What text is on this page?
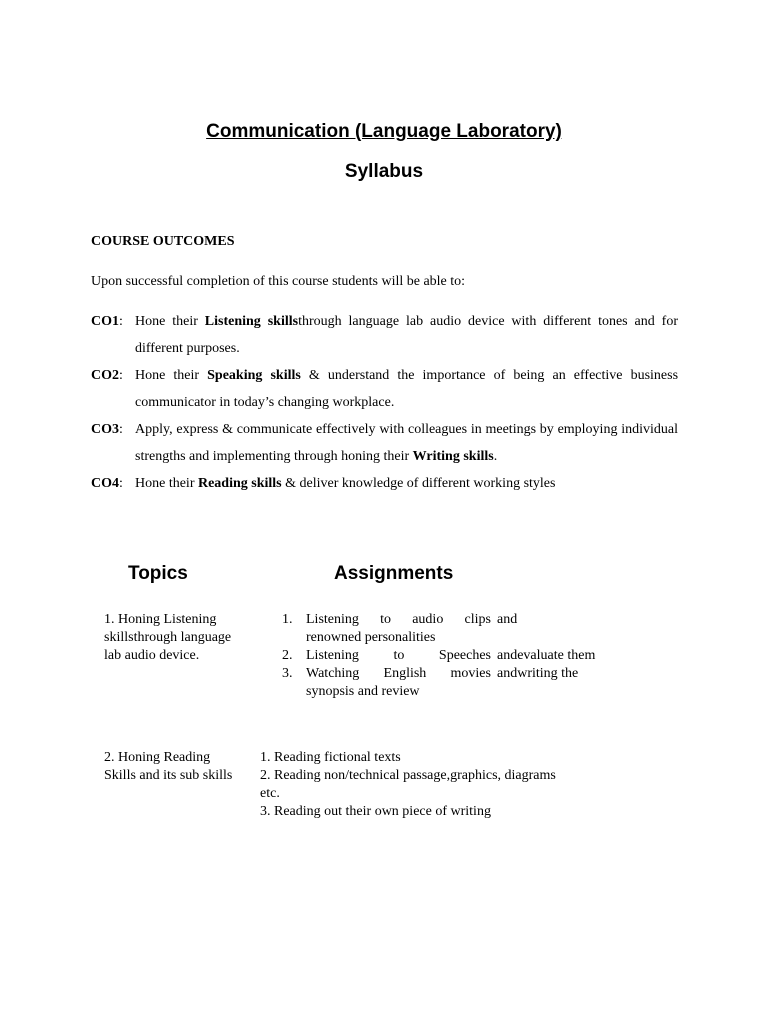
Communication (Language Laboratory)
Syllabus
COURSE OUTCOMES
Upon successful completion of this course students will be able to:
CO1: Hone their Listening skillsthrough language lab audio device with different tones and for different purposes.
CO2: Hone their Speaking skills & understand the importance of being an effective business communicator in today’s changing workplace.
CO3: Apply, express & communicate effectively with colleagues in meetings by employing individual strengths and implementing through honing their Writing skills.
CO4: Hone their Reading skills & deliver knowledge of different working styles
Topics	Assignments
1. Honing Listening skillsthrough language lab audio device.
1. Listening to audio clips and
renowned personalities
2. Listening to Speeches andevaluate them
3. Watching English movies andwriting the
synopsis and review
2. Honing Reading Skills and its sub skills
1. Reading fictional texts
2. Reading non/technical passage,graphics, diagrams etc.
3. Reading out their own piece of writing
